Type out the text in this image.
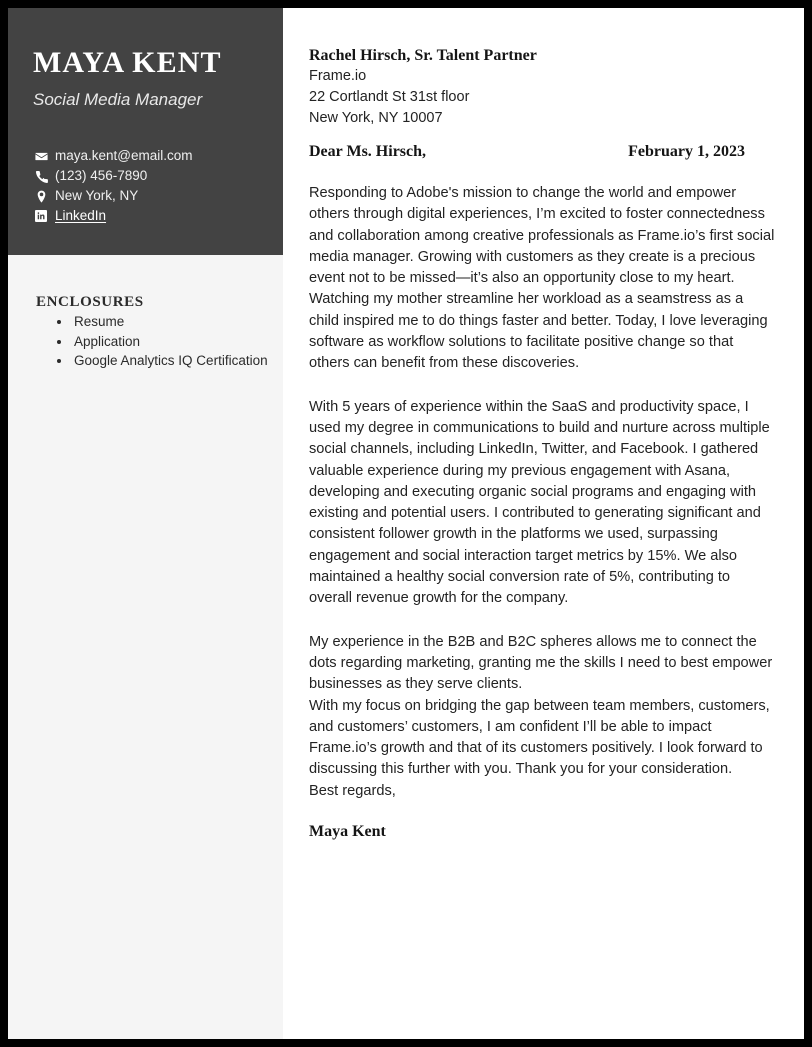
MAYA KENT
Social Media Manager
maya.kent@email.com
(123) 456-7890
New York, NY
LinkedIn
ENCLOSURES
• Resume
• Application
• Google Analytics IQ Certification
Rachel Hirsch, Sr. Talent Partner
Frame.io
22 Cortlandt St 31st floor
New York, NY 10007
Dear Ms. Hirsch,	February 1, 2023

Responding to Adobe's mission to change the world and empower others through digital experiences, I’m excited to foster connectedness and collaboration among creative professionals as Frame.io’s first social media manager. Growing with customers as they create is a precious event not to be missed—it’s also an opportunity close to my heart. Watching my mother streamline her workload as a seamstress as a child inspired me to do things faster and better. Today, I love leveraging software as workflow solutions to facilitate positive change so that others can benefit from these discoveries.

With 5 years of experience within the SaaS and productivity space, I used my degree in communications to build and nurture across multiple social channels, including LinkedIn, Twitter, and Facebook. I gathered valuable experience during my previous engagement with Asana, developing and executing organic social programs and engaging with existing and potential users. I contributed to generating significant and consistent follower growth in the platforms we used, surpassing engagement and social interaction target metrics by 15%. We also maintained a healthy social conversion rate of 5%, contributing to overall revenue growth for the company.

My experience in the B2B and B2C spheres allows me to connect the dots regarding marketing, granting me the skills I need to best empower businesses as they serve clients.
With my focus on bridging the gap between team members, customers, and customers’ customers, I am confident I’ll be able to impact Frame.io’s growth and that of its customers positively. I look forward to discussing this further with you. Thank you for your consideration.

Best regards,
Maya Kent
